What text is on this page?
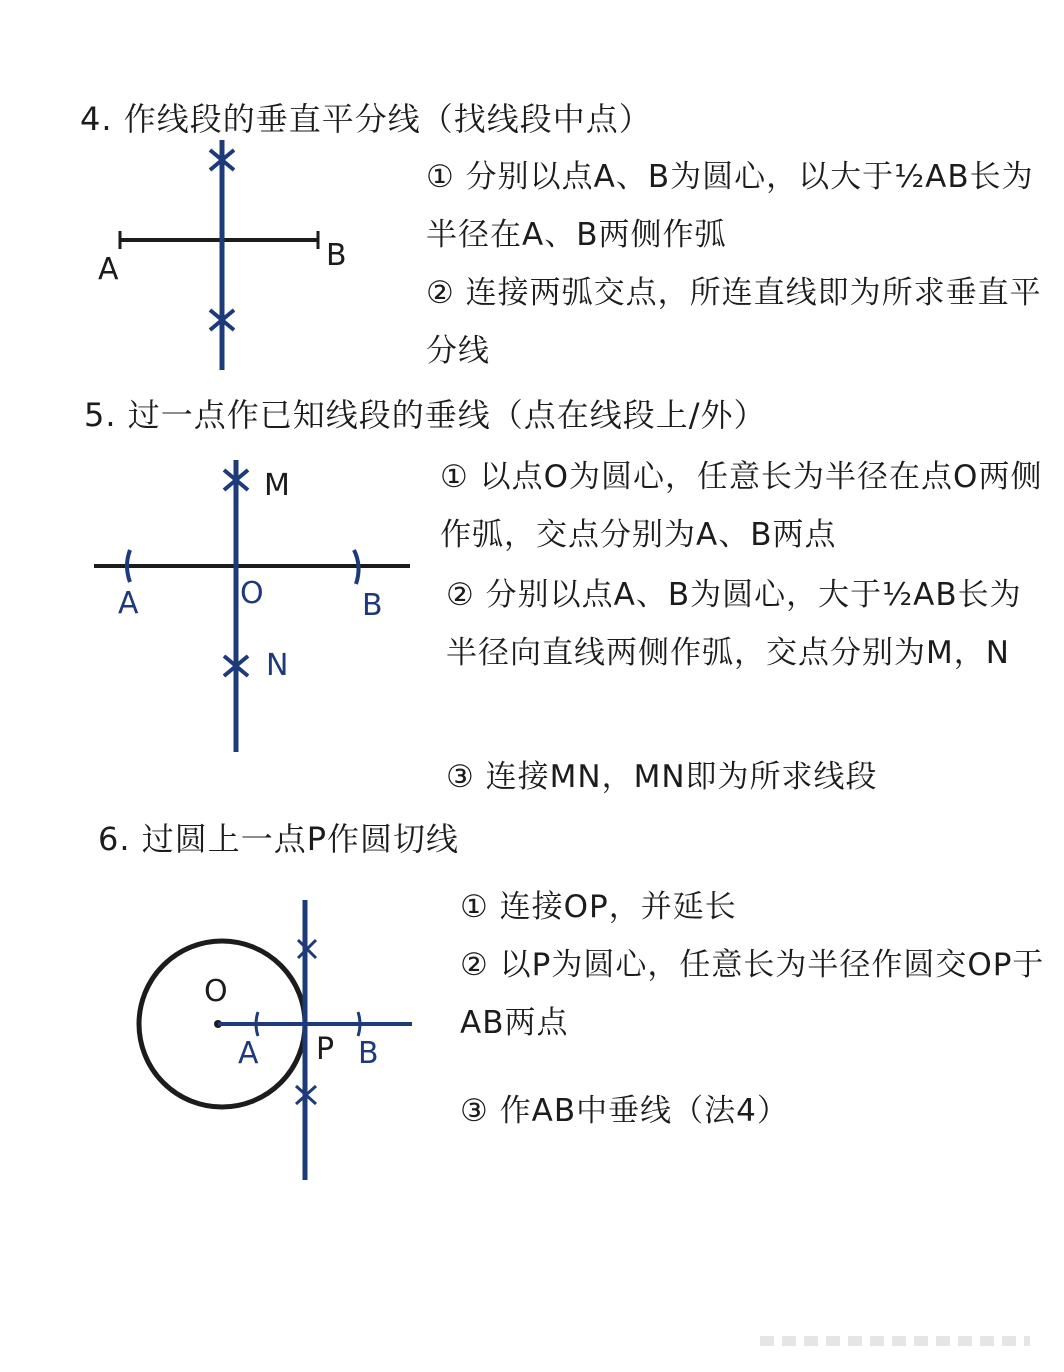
4. 作线段的垂直平分线（找线段中点）
A	B
① 分别以点A、B为圆心，以大于½AB长为半径在A、B两侧作弧
② 连接两弧交点，所连直线即为所求垂直平分线
5. 过一点作已知线段的垂线（点在线段上/外）
M
A	O	B
N
① 以点O为圆心，任意长为半径在点O两侧作弧，交点分别为A、B两点
② 分别以点A、B为圆心，大于½AB长为半径向直线两侧作弧，交点分别为M，N
③ 连接MN，MN即为所求线段
6. 过圆上一点P作圆切线
O
A P B
① 连接OP，并延长
② 以P为圆心，任意长为半径作圆交OP于AB两点
③ 作AB中垂线（法4）
